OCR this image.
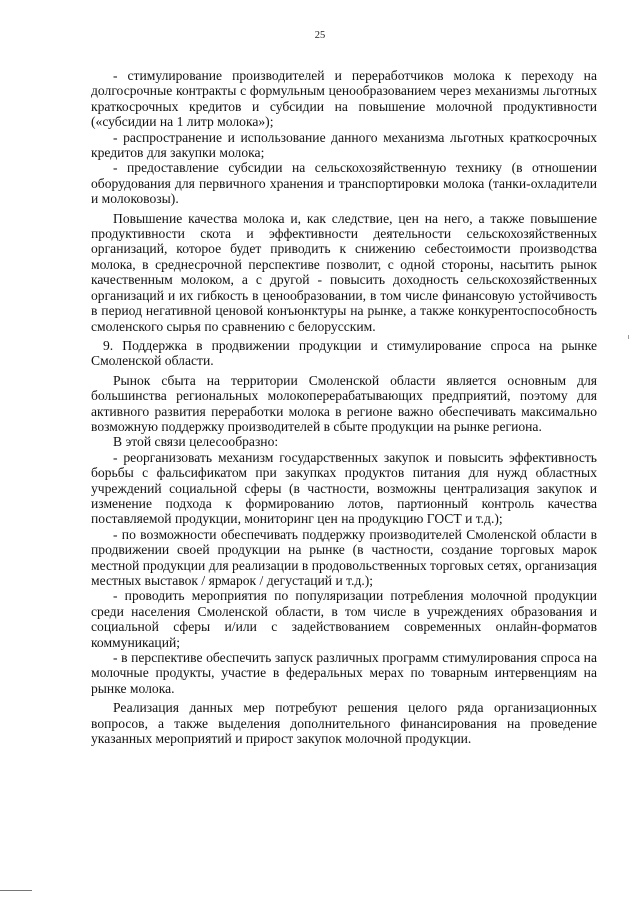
25

- стимулирование производителей и переработчиков молока к переходу на долгосрочные контракты с формульным ценообразованием через механизмы льготных краткосрочных кредитов и субсидии на повышение молочной продуктивности («субсидии на 1 литр молока»);

- распространение и использование данного механизма льготных краткосрочных кредитов для закупки молока;

- предоставление субсидии на сельскохозяйственную технику (в отношении оборудования для первичного хранения и транспортировки молока (танки-охладители и молоковозы).

Повышение качества молока и, как следствие, цен на него, а также повышение продуктивности скота и эффективности деятельности сельскохозяйственных организаций, которое будет приводить к снижению себестоимости производства молока, в среднесрочной перспективе позволит, с одной стороны, насытить рынок качественным молоком, а с другой - повысить доходность сельскохозяйственных организаций и их гибкость в ценообразовании, в том числе финансовую устойчивость в период негативной ценовой конъюнктуры на рынке, а также конкурентоспособность смоленского сырья по сравнению с белорусским.

9. Поддержка в продвижении продукции и стимулирование спроса на рынке Смоленской области.

Рынок сбыта на территории Смоленской области является основным для большинства региональных молокоперерабатывающих предприятий, поэтому для активного развития переработки молока в регионе важно обеспечивать максимально возможную поддержку производителей в сбыте продукции на рынке региона.

В этой связи целесообразно:

- реорганизовать механизм государственных закупок и повысить эффективность борьбы с фальсификатом при закупках продуктов питания для нужд областных учреждений социальной сферы (в частности, возможны централизация закупок и изменение подхода к формированию лотов, партионный контроль качества поставляемой продукции, мониторинг цен на продукцию ГОСТ и т.д.);

- по возможности обеспечивать поддержку производителей Смоленской области в продвижении своей продукции на рынке (в частности, создание торговых марок местной продукции для реализации в продовольственных торговых сетях, организация местных выставок / ярмарок / дегустаций и т.д.);

- проводить мероприятия по популяризации потребления молочной продукции среди населения Смоленской области, в том числе в учреждениях образования и социальной сферы и/или с задействованием современных онлайн-форматов коммуникаций;

- в перспективе обеспечить запуск различных программ стимулирования спроса на молочные продукты, участие в федеральных мерах по товарным интервенциям на рынке молока.

Реализация данных мер потребуют решения целого ряда организационных вопросов, а также выделения дополнительного финансирования на проведение указанных мероприятий и прирост закупок молочной продукции.
